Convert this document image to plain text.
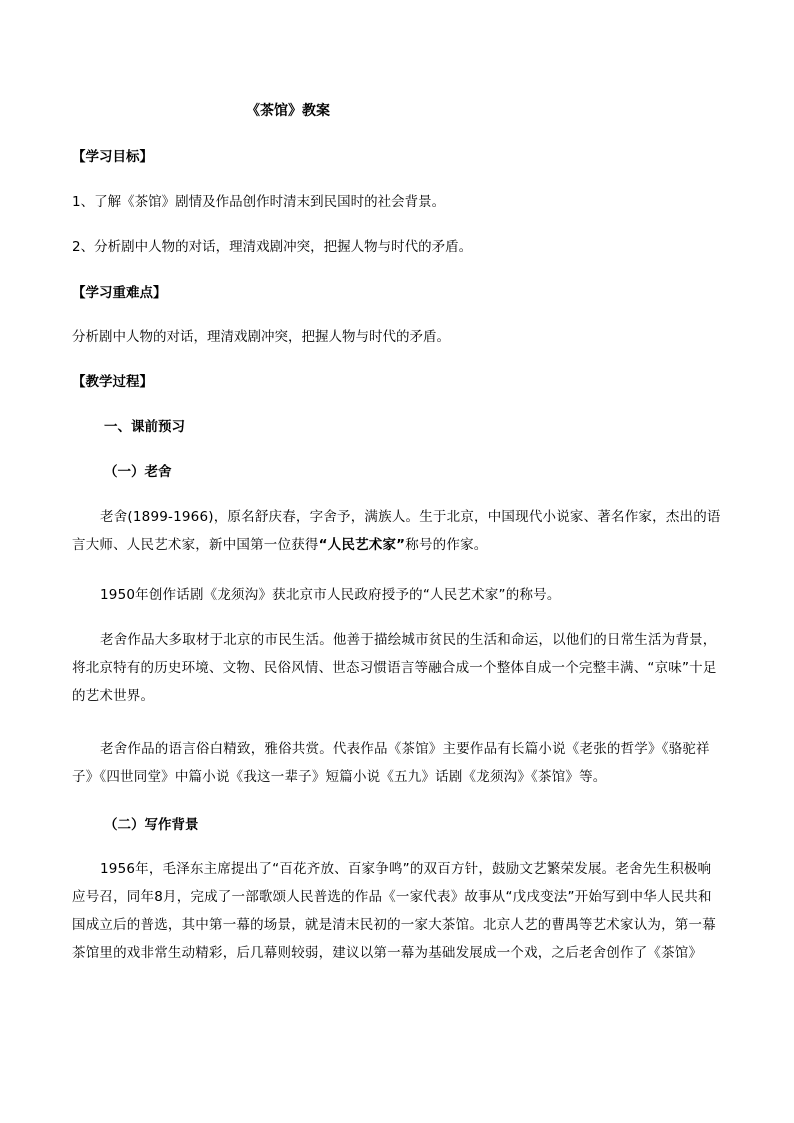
《茶馆》教案
【学习目标】
1、了解《茶馆》剧情及作品创作时清末到民国时的社会背景。
2、分析剧中人物的对话，理清戏剧冲突，把握人物与时代的矛盾。
【学习重难点】
分析剧中人物的对话，理清戏剧冲突，把握人物与时代的矛盾。
【教学过程】
一、课前预习
（一）老舍
老舍(1899-1966)，原名舒庆春，字舍予，满族人。生于北京，中国现代小说家、著名作家，杰出的语言大师、人民艺术家，新中国第一位获得“人民艺术家”称号的作家。
1950年创作话剧《龙须沟》获北京市人民政府授予的“人民艺术家”的称号。
老舍作品大多取材于北京的市民生活。他善于描绘城市贫民的生活和命运，以他们的日常生活为背景，将北京特有的历史环境、文物、民俗风情、世态习惯语言等融合成一个整体自成一个完整丰满、“京味”十足的艺术世界。
老舍作品的语言俗白精致，雅俗共赏。代表作品《茶馆》主要作品有长篇小说《老张的哲学》《骆驼祥子》《四世同堂》中篇小说《我这一辈子》短篇小说《五九》话剧《龙须沟》《茶馆》等。
（二）写作背景
1956年，毛泽东主席提出了“百花齐放、百家争鸣”的双百方针，鼓励文艺繁荣发展。老舍先生积极响应号召，同年8月，完成了一部歌颂人民普选的作品《一家代表》故事从“戊戌变法”开始写到中华人民共和国成立后的普选，其中第一幕的场景，就是清末民初的一家大茶馆。北京人艺的曹禺等艺术家认为，第一幕茶馆里的戏非常生动精彩，后几幕则较弱，建议以第一幕为基础发展成一个戏，之后老舍创作了《茶馆》
